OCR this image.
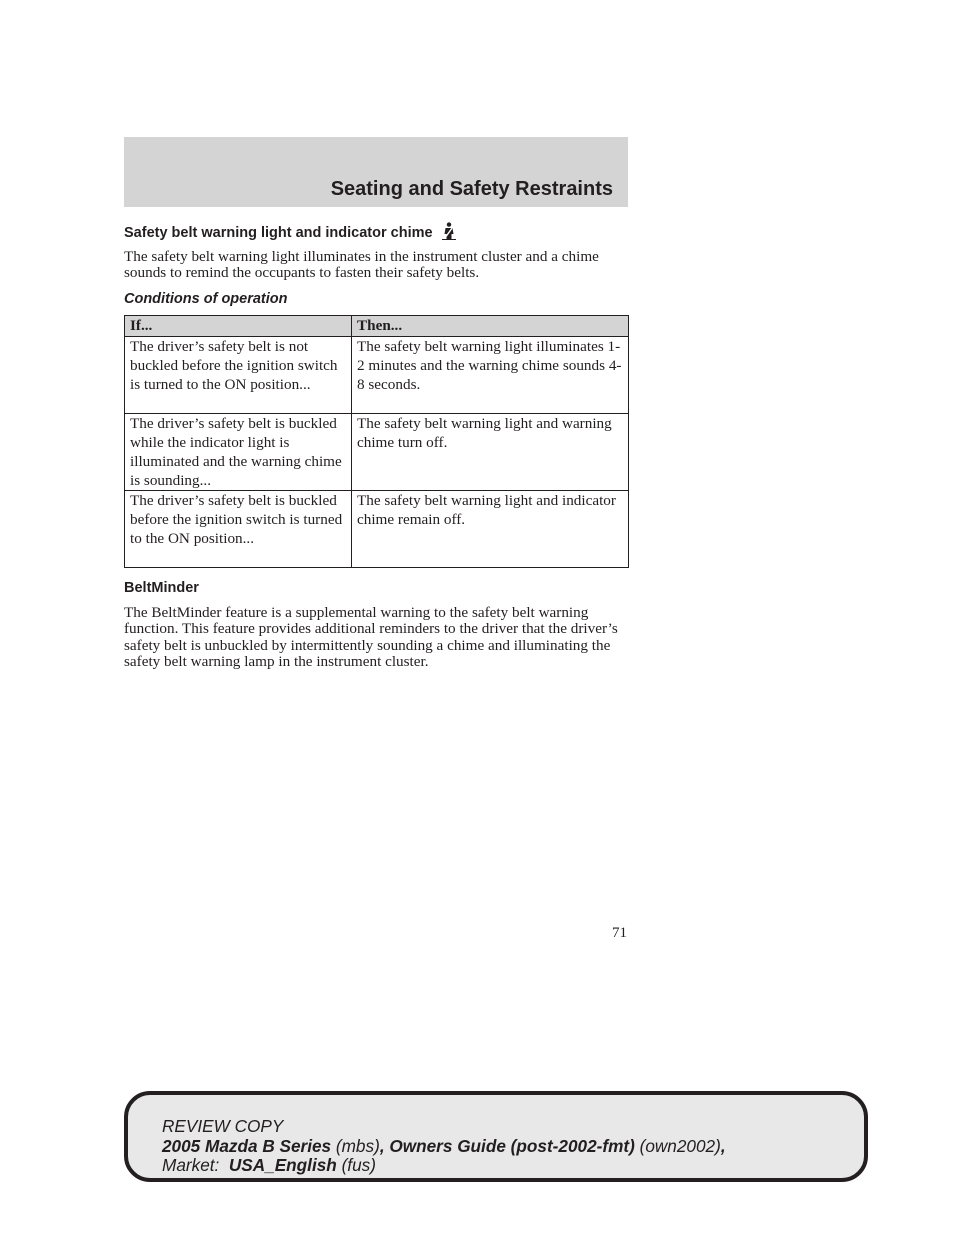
Seating and Safety Restraints
Safety belt warning light and indicator chime
The safety belt warning light illuminates in the instrument cluster and a chime sounds to remind the occupants to fasten their safety belts.
Conditions of operation
If...	Then...
The driver’s safety belt is not buckled before the ignition switch is turned to the ON position...	The safety belt warning light illuminates 1-2 minutes and the warning chime sounds 4-8 seconds.
The driver’s safety belt is buckled while the indicator light is illuminated and the warning chime is sounding...	The safety belt warning light and warning chime turn off.
The driver’s safety belt is buckled before the ignition switch is turned to the ON position...	The safety belt warning light and indicator chime remain off.
BeltMinder
The BeltMinder feature is a supplemental warning to the safety belt warning function. This feature provides additional reminders to the driver that the driver’s safety belt is unbuckled by intermittently sounding a chime and illuminating the safety belt warning lamp in the instrument cluster.
71
REVIEW COPY
2005 Mazda B Series (mbs), Owners Guide (post-2002-fmt) (own2002),
Market: USA_English (fus)
